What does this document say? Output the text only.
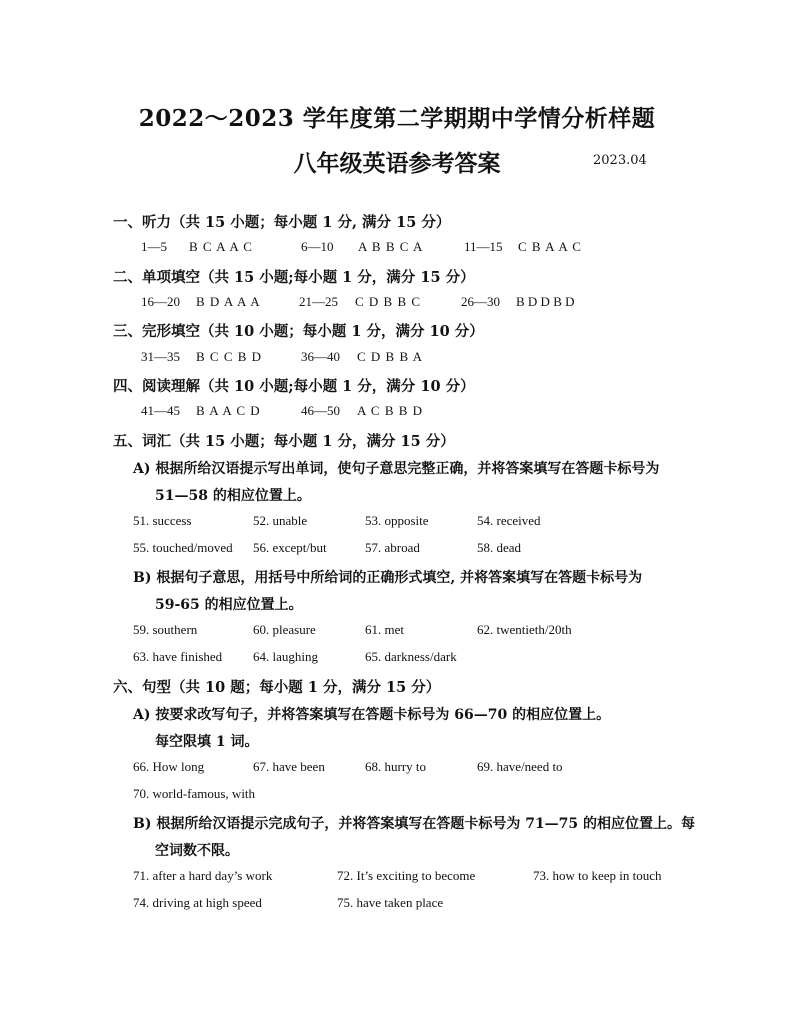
2022～2023 学年度第二学期期中学情分析样题
八年级英语参考答案	2023.04
一、听力（共 15 小题；每小题 1 分, 满分 15 分）
1—5 B C A A C	6—10 A B B C A	11—15 C B A A C
二、单项填空（共 15 小题;每小题 1 分，满分 15 分）
16—20 B D A A A	21—25 C D B B C	26—30 B D D B D
三、完形填空（共 10 小题；每小题 1 分，满分 10 分）
31—35 B C C B D	36—40 C D B B A
四、阅读理解（共 10 小题;每小题 1 分，满分 10 分）
41—45 B A A C D	46—50 A C B B D
五、词汇（共 15 小题；每小题 1 分，满分 15 分）
A) 根据所给汉语提示写出单词，使句子意思完整正确，并将答案填写在答题卡标号为
51—58 的相应位置上。
51. success	52. unable	53. opposite	54. received
55. touched/moved 56. except/but	57. abroad	58. dead
B) 根据句子意思，用括号中所给词的正确形式填空, 并将答案填写在答题卡标号为
59-65 的相应位置上。
59. southern	60. pleasure	61. met	62. twentieth/20th
63. have finished 64. laughing	65. darkness/dark
六、句型（共 10 题；每小题 1 分，满分 15 分）
A) 按要求改写句子，并将答案填写在答题卡标号为 66—70 的相应位置上。
每空限填 1 词。
66. How long	67. have been	68. hurry to	69. have/need to
70. world-famous, with
B) 根据所给汉语提示完成句子，并将答案填写在答题卡标号为 71—75 的相应位置上。每
空词数不限。
71. after a hard day’s work	72. It’s exciting to become	73. how to keep in touch
74. driving at high speed	75. have taken place
